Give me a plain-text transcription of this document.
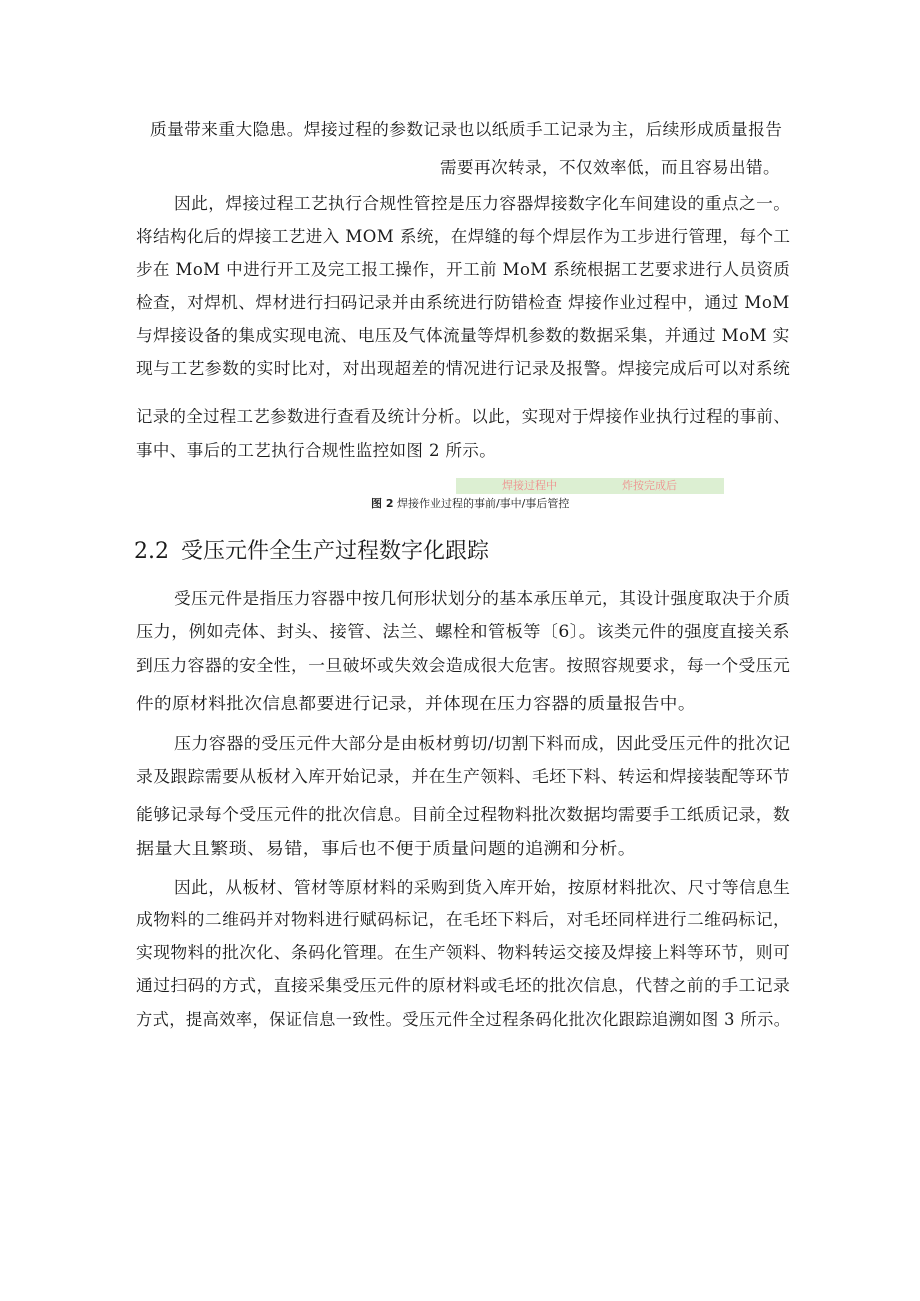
质量带来重大隐患。焊接过程的参数记录也以纸质手工记录为主，后续形成质量报告
需要再次转录，不仅效率低，而且容易出错。
因此，焊接过程工艺执行合规性管控是压力容器焊接数字化车间建设的重点之一。
将结构化后的焊接工艺进入 MOM 系统，在焊缝的每个焊层作为工步进行管理，每个工
步在 MoM 中进行开工及完工报工操作，开工前 MoM 系统根据工艺要求进行人员资质
检查，对焊机、焊材进行扫码记录并由系统进行防错检查 焊接作业过程中，通过 MoM
与焊接设备的集成实现电流、电压及气体流量等焊机参数的数据采集，并通过 MoM 实
现与工艺参数的实时比对，对出现超差的情况进行记录及报警。焊接完成后可以对系统
记录的全过程工艺参数进行查看及统计分析。以此，实现对于焊接作业执行过程的事前、
事中、事后的工艺执行合规性监控如图 2 所示。
焊接过程中	炸按完成后
图 2 焊接作业过程的事前/事中/事后管控
2.2 受压元件全生产过程数字化跟踪
受压元件是指压力容器中按几何形状划分的基本承压单元，其设计强度取决于介质
压力，例如壳体、封头、接管、法兰、螺栓和管板等〔6〕。该类元件的强度直接关系
到压力容器的安全性，一旦破坏或失效会造成很大危害。按照容规要求，每一个受压元
件的原材料批次信息都要进行记录，并体现在压力容器的质量报告中。
压力容器的受压元件大部分是由板材剪切/切割下料而成，因此受压元件的批次记
录及跟踪需要从板材入库开始记录，并在生产领料、毛坯下料、转运和焊接装配等环节
能够记录每个受压元件的批次信息。目前全过程物料批次数据均需要手工纸质记录，数
据量大且繁琐、易错，事后也不便于质量问题的追溯和分析。
因此，从板材、管材等原材料的采购到货入库开始，按原材料批次、尺寸等信息生
成物料的二维码并对物料进行赋码标记，在毛坯下料后，对毛坯同样进行二维码标记，
实现物料的批次化、条码化管理。在生产领料、物料转运交接及焊接上料等环节，则可
通过扫码的方式，直接采集受压元件的原材料或毛坯的批次信息，代替之前的手工记录
方式，提高效率，保证信息一致性。受压元件全过程条码化批次化跟踪追溯如图 3 所示。
